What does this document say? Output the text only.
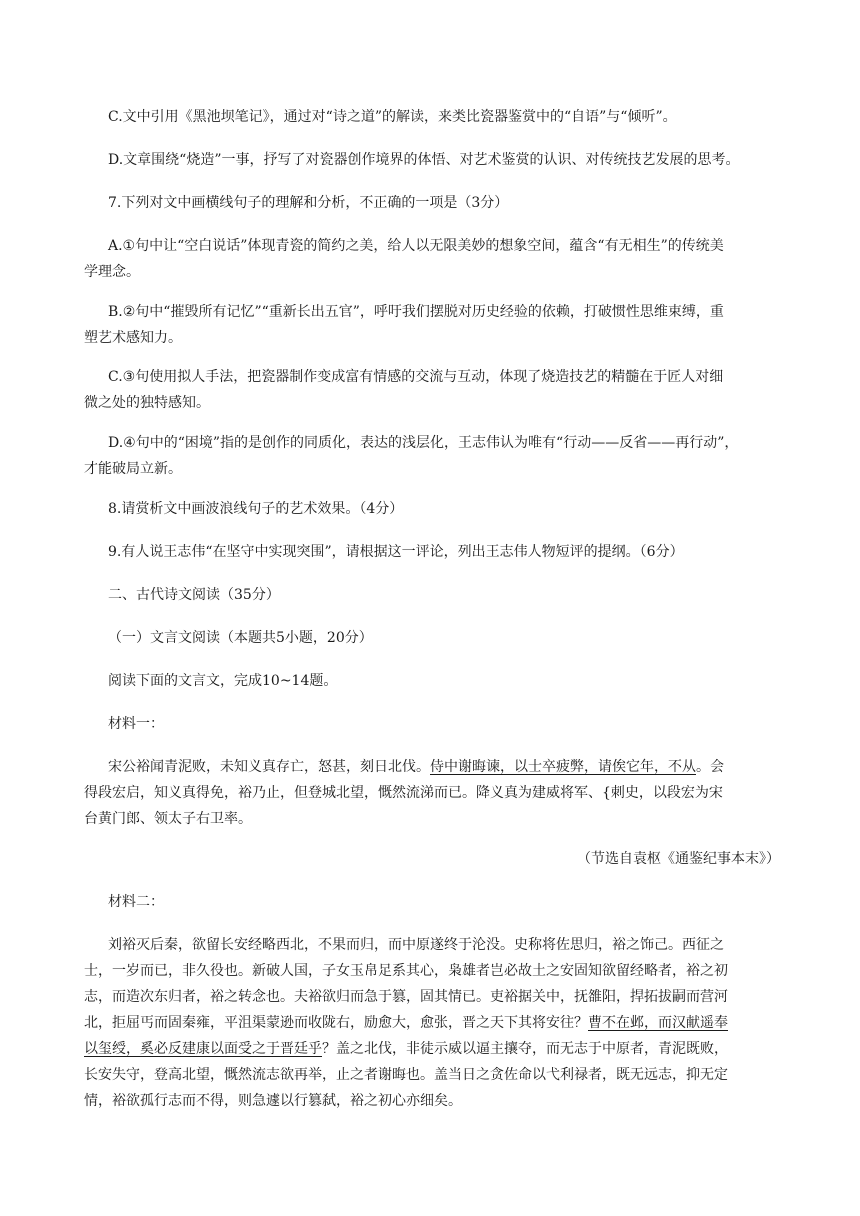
C.文中引用《黑池坝笔记》，通过对“诗之道”的解读，来类比瓷器鉴赏中的“自语”与“倾听”。
D.文章围绕“烧造”一事，抒写了对瓷器创作境界的体悟、对艺术鉴赏的认识、对传统技艺发展的思考。
7.下列对文中画横线句子的理解和分析，不正确的一项是（3分）
A.①句中让“空白说话”体现青瓷的简约之美，给人以无限美妙的想象空间，蕴含“有无相生”的传统美
学理念。
B.②句中“摧毁所有记忆”“重新长出五官”，呼吁我们摆脱对历史经验的依赖，打破惯性思维束缚，重
塑艺术感知力。
C.③句使用拟人手法，把瓷器制作变成富有情感的交流与互动，体现了烧造技艺的精髓在于匠人对细
微之处的独特感知。
D.④句中的“困境”指的是创作的同质化，表达的浅层化，王志伟认为唯有“行动——反省——再行动”，
才能破局立新。
8.请赏析文中画波浪线句子的艺术效果。（4分）
9.有人说王志伟“在坚守中实现突围”，请根据这一评论，列出王志伟人物短评的提纲。（6分）
二、古代诗文阅读（35分）
（一）文言文阅读（本题共5小题，20分）
阅读下面的文言文，完成10~14题。
材料一：
宋公裕闻青泥败，未知义真存亡，怒甚，刻日北伐。侍中谢晦谏，以士卒疲弊，请俟它年，不从。会
得段宏启，知义真得免，裕乃止，但登城北望，慨然流涕而已。降义真为建威将军、{刺史，以段宏为宋
台黄门郎、领太子右卫率。
（节选自袁枢《通鉴纪事本末》）
材料二：
刘裕灭后秦，欲留长安经略西北，不果而归，而中原遂终于沦没。史称将佐思归，裕之饰己。西征之
士，一岁而已，非久役也。新破人国，子女玉帛足系其心，枭雄者岂必故土之安固知欲留经略者，裕之初
志，而造次东归者，裕之转念也。夫裕欲归而急于篡，固其情已。吏裕据关中，抚雒阳，捍拓拔嗣而营河
北，拒屈丐而固秦雍，平沮渠蒙逊而收陇右，励愈大，愈张，晋之天下其将安往？曹不在邺，而汉献遥奉
以玺绶，奚必反建康以面受之于晋廷乎？盖之北伐，非徒示威以逼主攘夺，而无志于中原者，青泥既败，
长安失守，登高北望，慨然流志欲再举，止之者谢晦也。盖当日之贪佐命以弋利禄者，既无远志，抑无定
情，裕欲孤行志而不得，则急遽以行篡弑，裕之初心亦细矣。
